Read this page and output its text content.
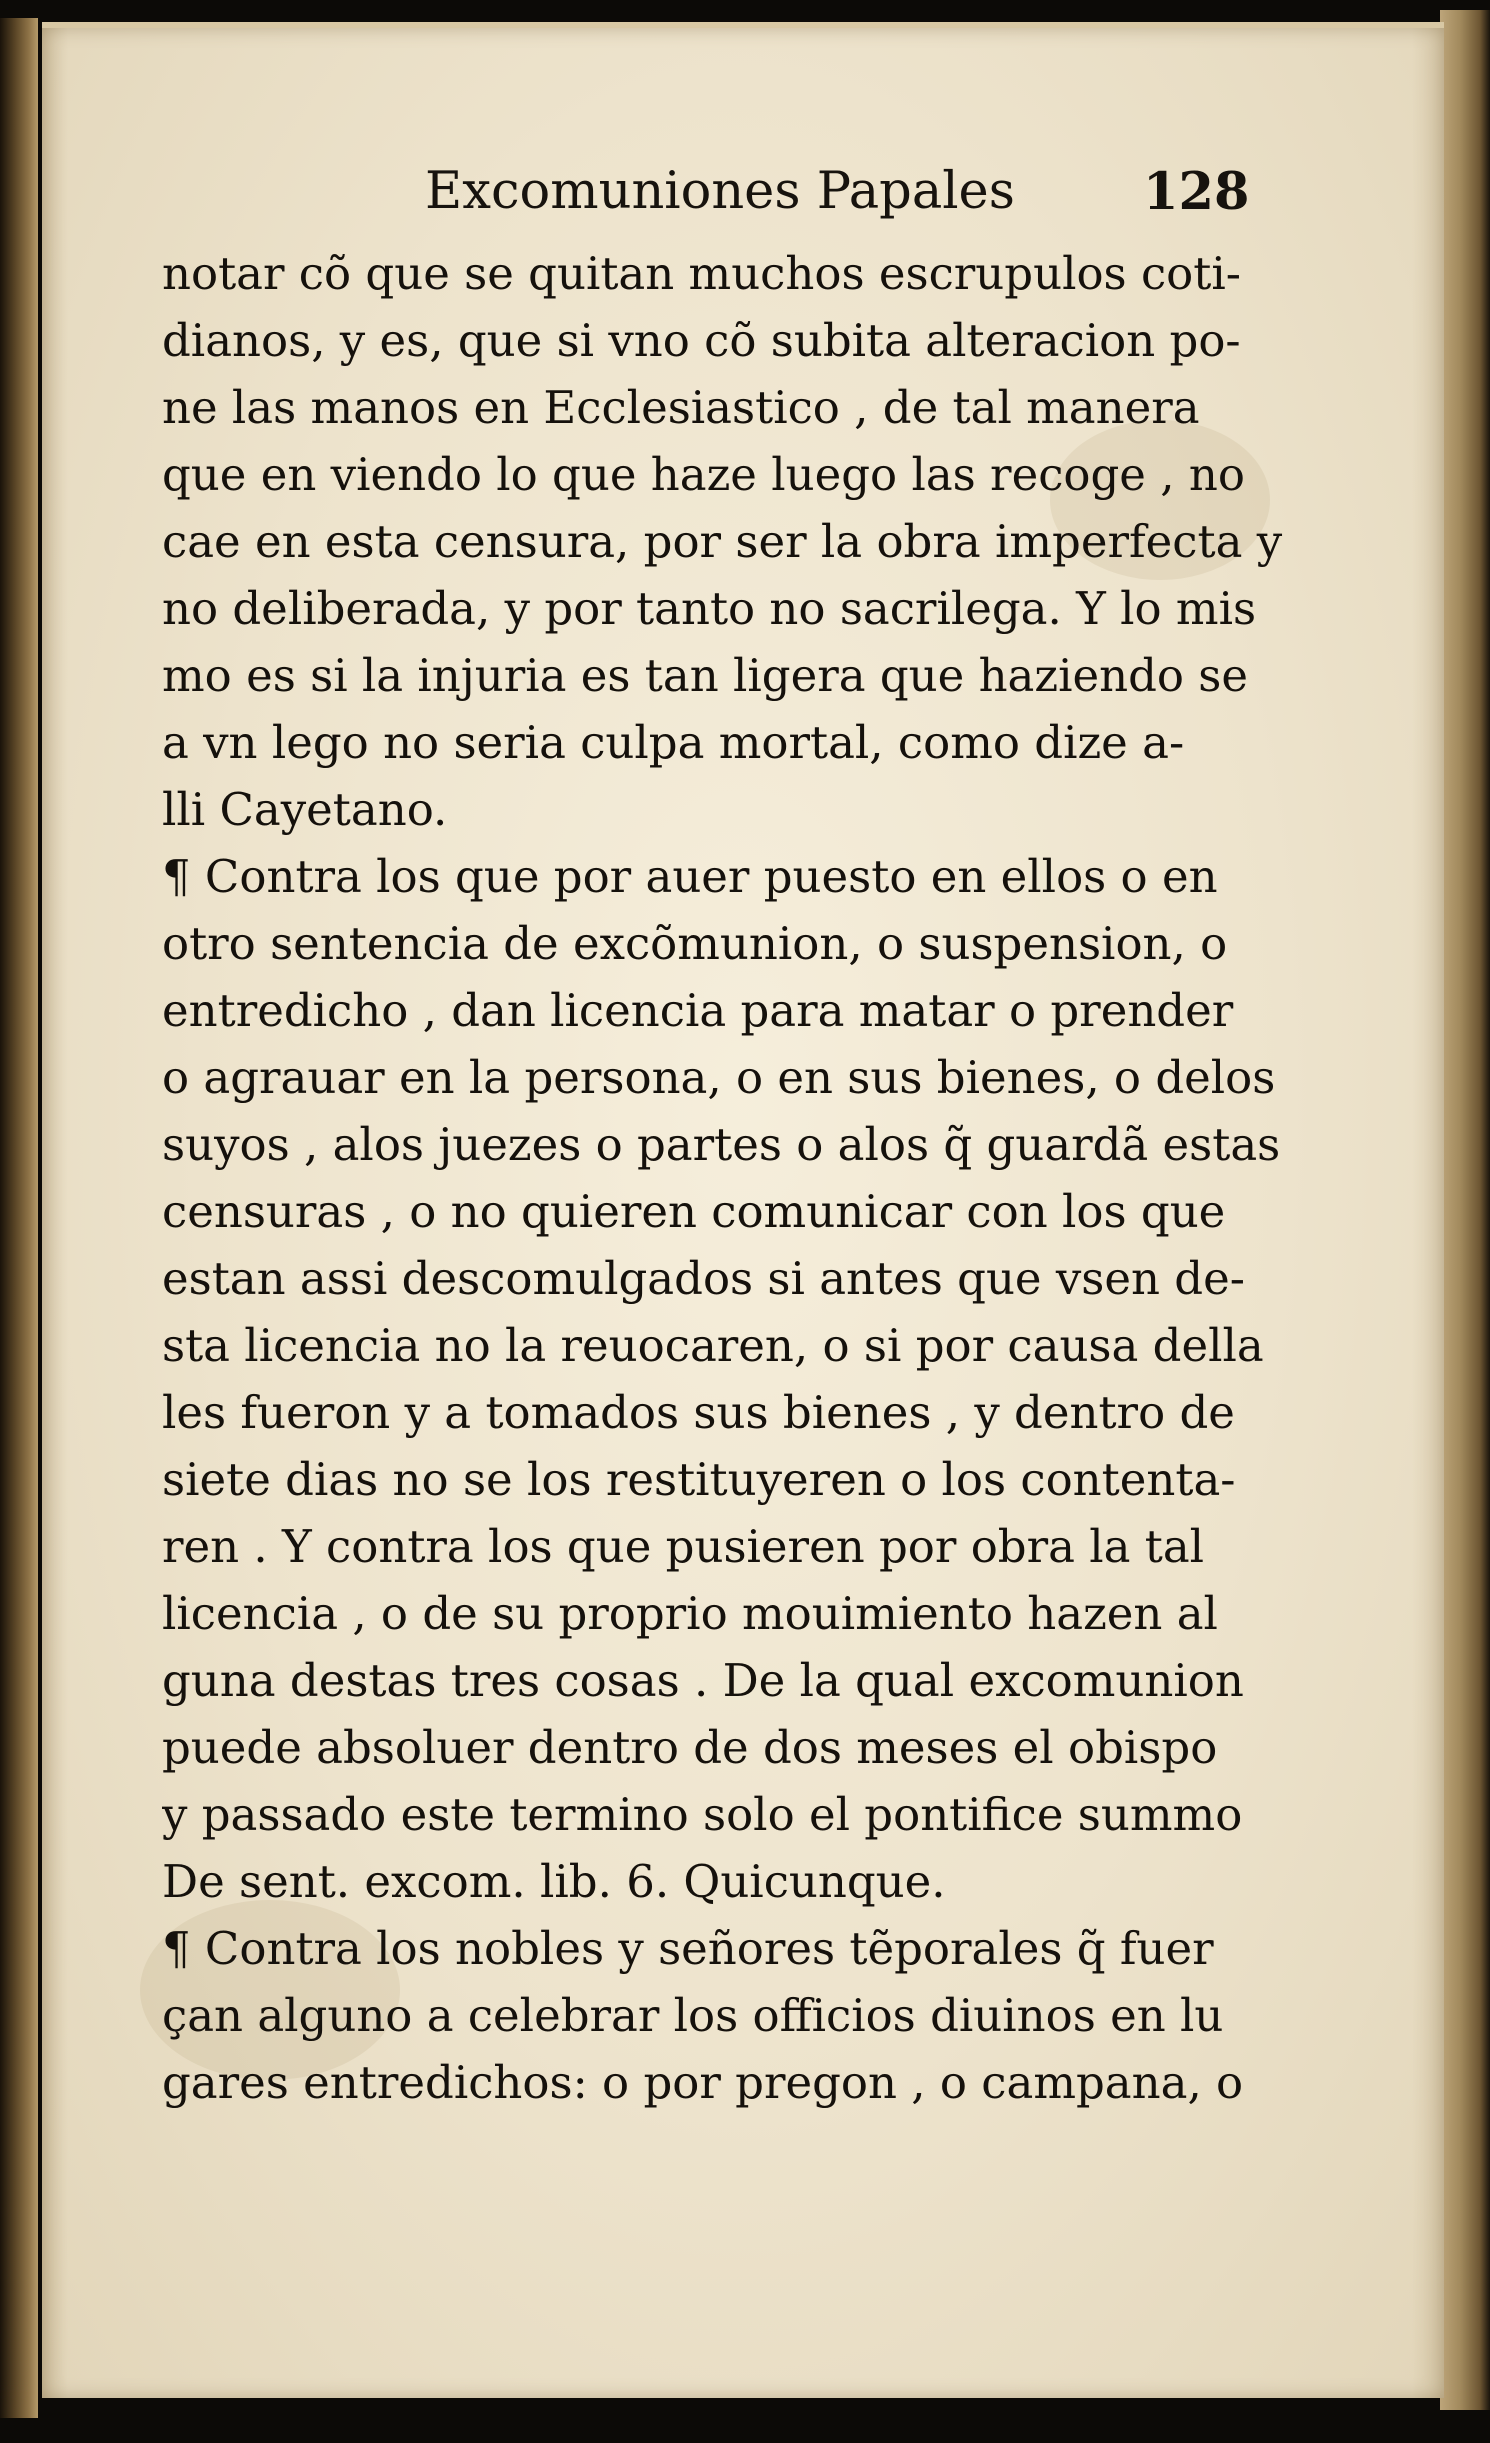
Excomuniones Papales	128
notar cõ que se quitan muchos escrupulos coti-
dianos, y es, que si vno cõ subita alteracion po-
ne las manos en Ecclesiastico , de tal manera
que en viendo lo que haze luego las recoge , no
cae en esta censura, por ser la obra imperfecta y
no deliberada, y por tanto no sacrilega. Y lo mis
mo es si la injuria es tan ligera que haziendo se
a vn lego no seria culpa mortal, como dize a-
lli Cayetano.
¶ Contra los que por auer puesto en ellos o en
otro sentencia de excõmunion, o suspension, o
entredicho , dan licencia para matar o prender
o agrauar en la persona, o en sus bienes, o delos
suyos , alos juezes o partes o alos q̃ guardã estas
censuras , o no quieren comunicar con los que
estan assi descomulgados si antes que vsen de-
sta licencia no la reuocaren, o si por causa della
les fueron y a tomados sus bienes , y dentro de
siete dias no se los restituyeren o los contenta-
ren . Y contra los que pusieren por obra la tal
licencia , o de su proprio mouimiento hazen al
guna destas tres cosas . De la qual excomunion
puede absoluer dentro de dos meses el obispo
y passado este termino solo el pontifice summo
De sent. excom. lib. 6. Quicunque.
¶ Contra los nobles y señores tẽporales q̃ fuer
çan alguno a celebrar los officios diuinos en lu
gares entredichos: o por pregon , o campana, o
